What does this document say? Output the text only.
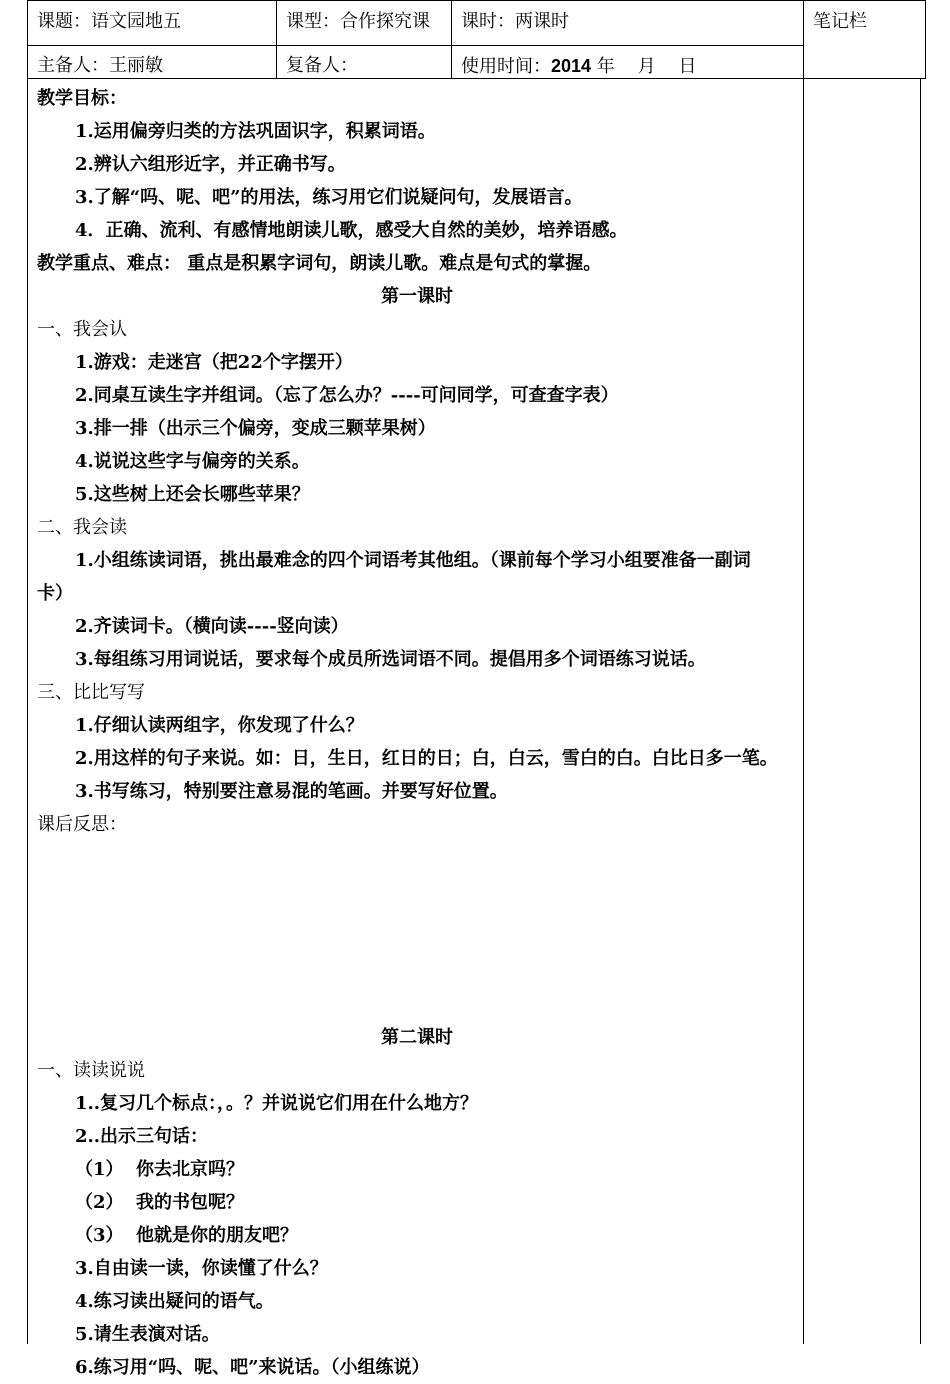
课题：语文园地五	课型：合作探究课 课时：两课时	笔记栏
主备人：王丽敏	复备人：	使用时间：2014 年    月    日
教学目标：
1.运用偏旁归类的方法巩固识字，积累词语。
2.辨认六组形近字，并正确书写。
3.了解“吗、呢、吧”的用法，练习用它们说疑问句，发展语言。
4．正确、流利、有感情地朗读儿歌，感受大自然的美妙，培养语感。
教学重点、难点： 重点是积累字词句，朗读儿歌。难点是句式的掌握。
第一课时
一、我会认
1.游戏：走迷宫（把22个字摆开）
2.同桌互读生字并组词。（忘了怎么办？----可问同学，可查查字表）
3.排一排（出示三个偏旁，变成三颗苹果树）
4.说说这些字与偏旁的关系。
5.这些树上还会长哪些苹果？
二、我会读
1.小组练读词语，挑出最难念的四个词语考其他组。（课前每个学习小组要准备一副词
卡）
2.齐读词卡。（横向读----竖向读）
3.每组练习用词说话，要求每个成员所选词语不同。提倡用多个词语练习说话。
三、比比写写
1.仔细认读两组字，你发现了什么？
2.用这样的句子来说。如：日，生日，红日的日；白，白云，雪白的白。白比日多一笔。
3.书写练习，特别要注意易混的笔画。并要写好位置。
课后反思：
第二课时
一、读读说说
1..复习几个标点：，。？并说说它们用在什么地方？
2..出示三句话：
（1）  你去北京吗？
（2）  我的书包呢？
（3）  他就是你的朋友吧？
3.自由读一读，你读懂了什么？
4.练习读出疑问的语气。
5.请生表演对话。
6.练习用“吗、呢、吧”来说话。（小组练说）
